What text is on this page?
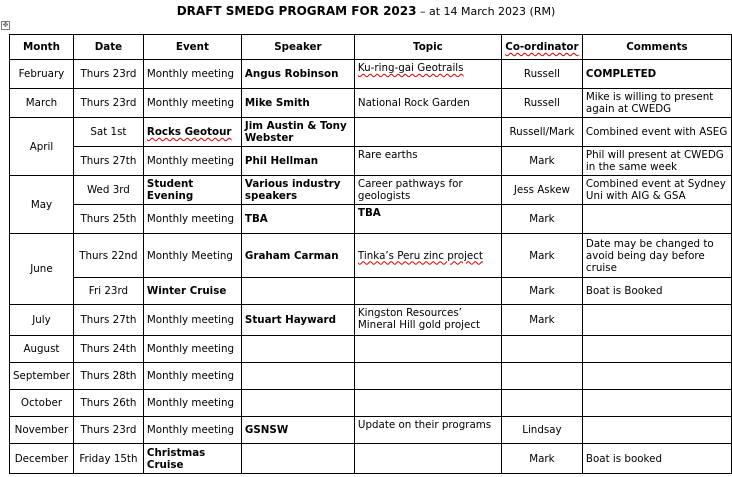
✥
DRAFT SMEDG PROGRAM FOR 2023 – at 14 March 2023 (RM)
Month	Date	Event	Speaker	Topic	Co-ordinator	Comments
February	Thurs 23rd	Monthly meeting	Angus Robinson	Ku-ring-gai Geotrails	Russell	COMPLETED
March	Thurs 23rd	Monthly meeting	Mike Smith	National Rock Garden	Russell	Mike is willing to present again at CWEDG
April	Sat 1st	Rocks Geotour	Jim Austin & Tony Webster		Russell/Mark	Combined event with ASEG
	Thurs 27th	Monthly meeting	Phil Hellman	Rare earths	Mark	Phil will present at CWEDG in the same week
May	Wed 3rd	Student Evening	Various industry speakers	Career pathways for geologists	Jess Askew	Combined event at Sydney Uni with AIG & GSA
	Thurs 25th	Monthly meeting	TBA	TBA	Mark	
June	Thurs 22nd	Monthly Meeting	Graham Carman	Tinka’s Peru zinc project	Mark	Date may be changed to avoid being day before cruise
	Fri 23rd	Winter Cruise			Mark	Boat is Booked
July	Thurs 27th	Monthly meeting	Stuart Hayward	Kingston Resources’ Mineral Hill gold project	Mark	
August	Thurs 24th	Monthly meeting				
September	Thurs 28th	Monthly meeting				
October	Thurs 26th	Monthly meeting				
November	Thurs 23rd	Monthly meeting	GSNSW	Update on their programs	Lindsay	
December	Friday 15th	Christmas Cruise			Mark	Boat is booked
